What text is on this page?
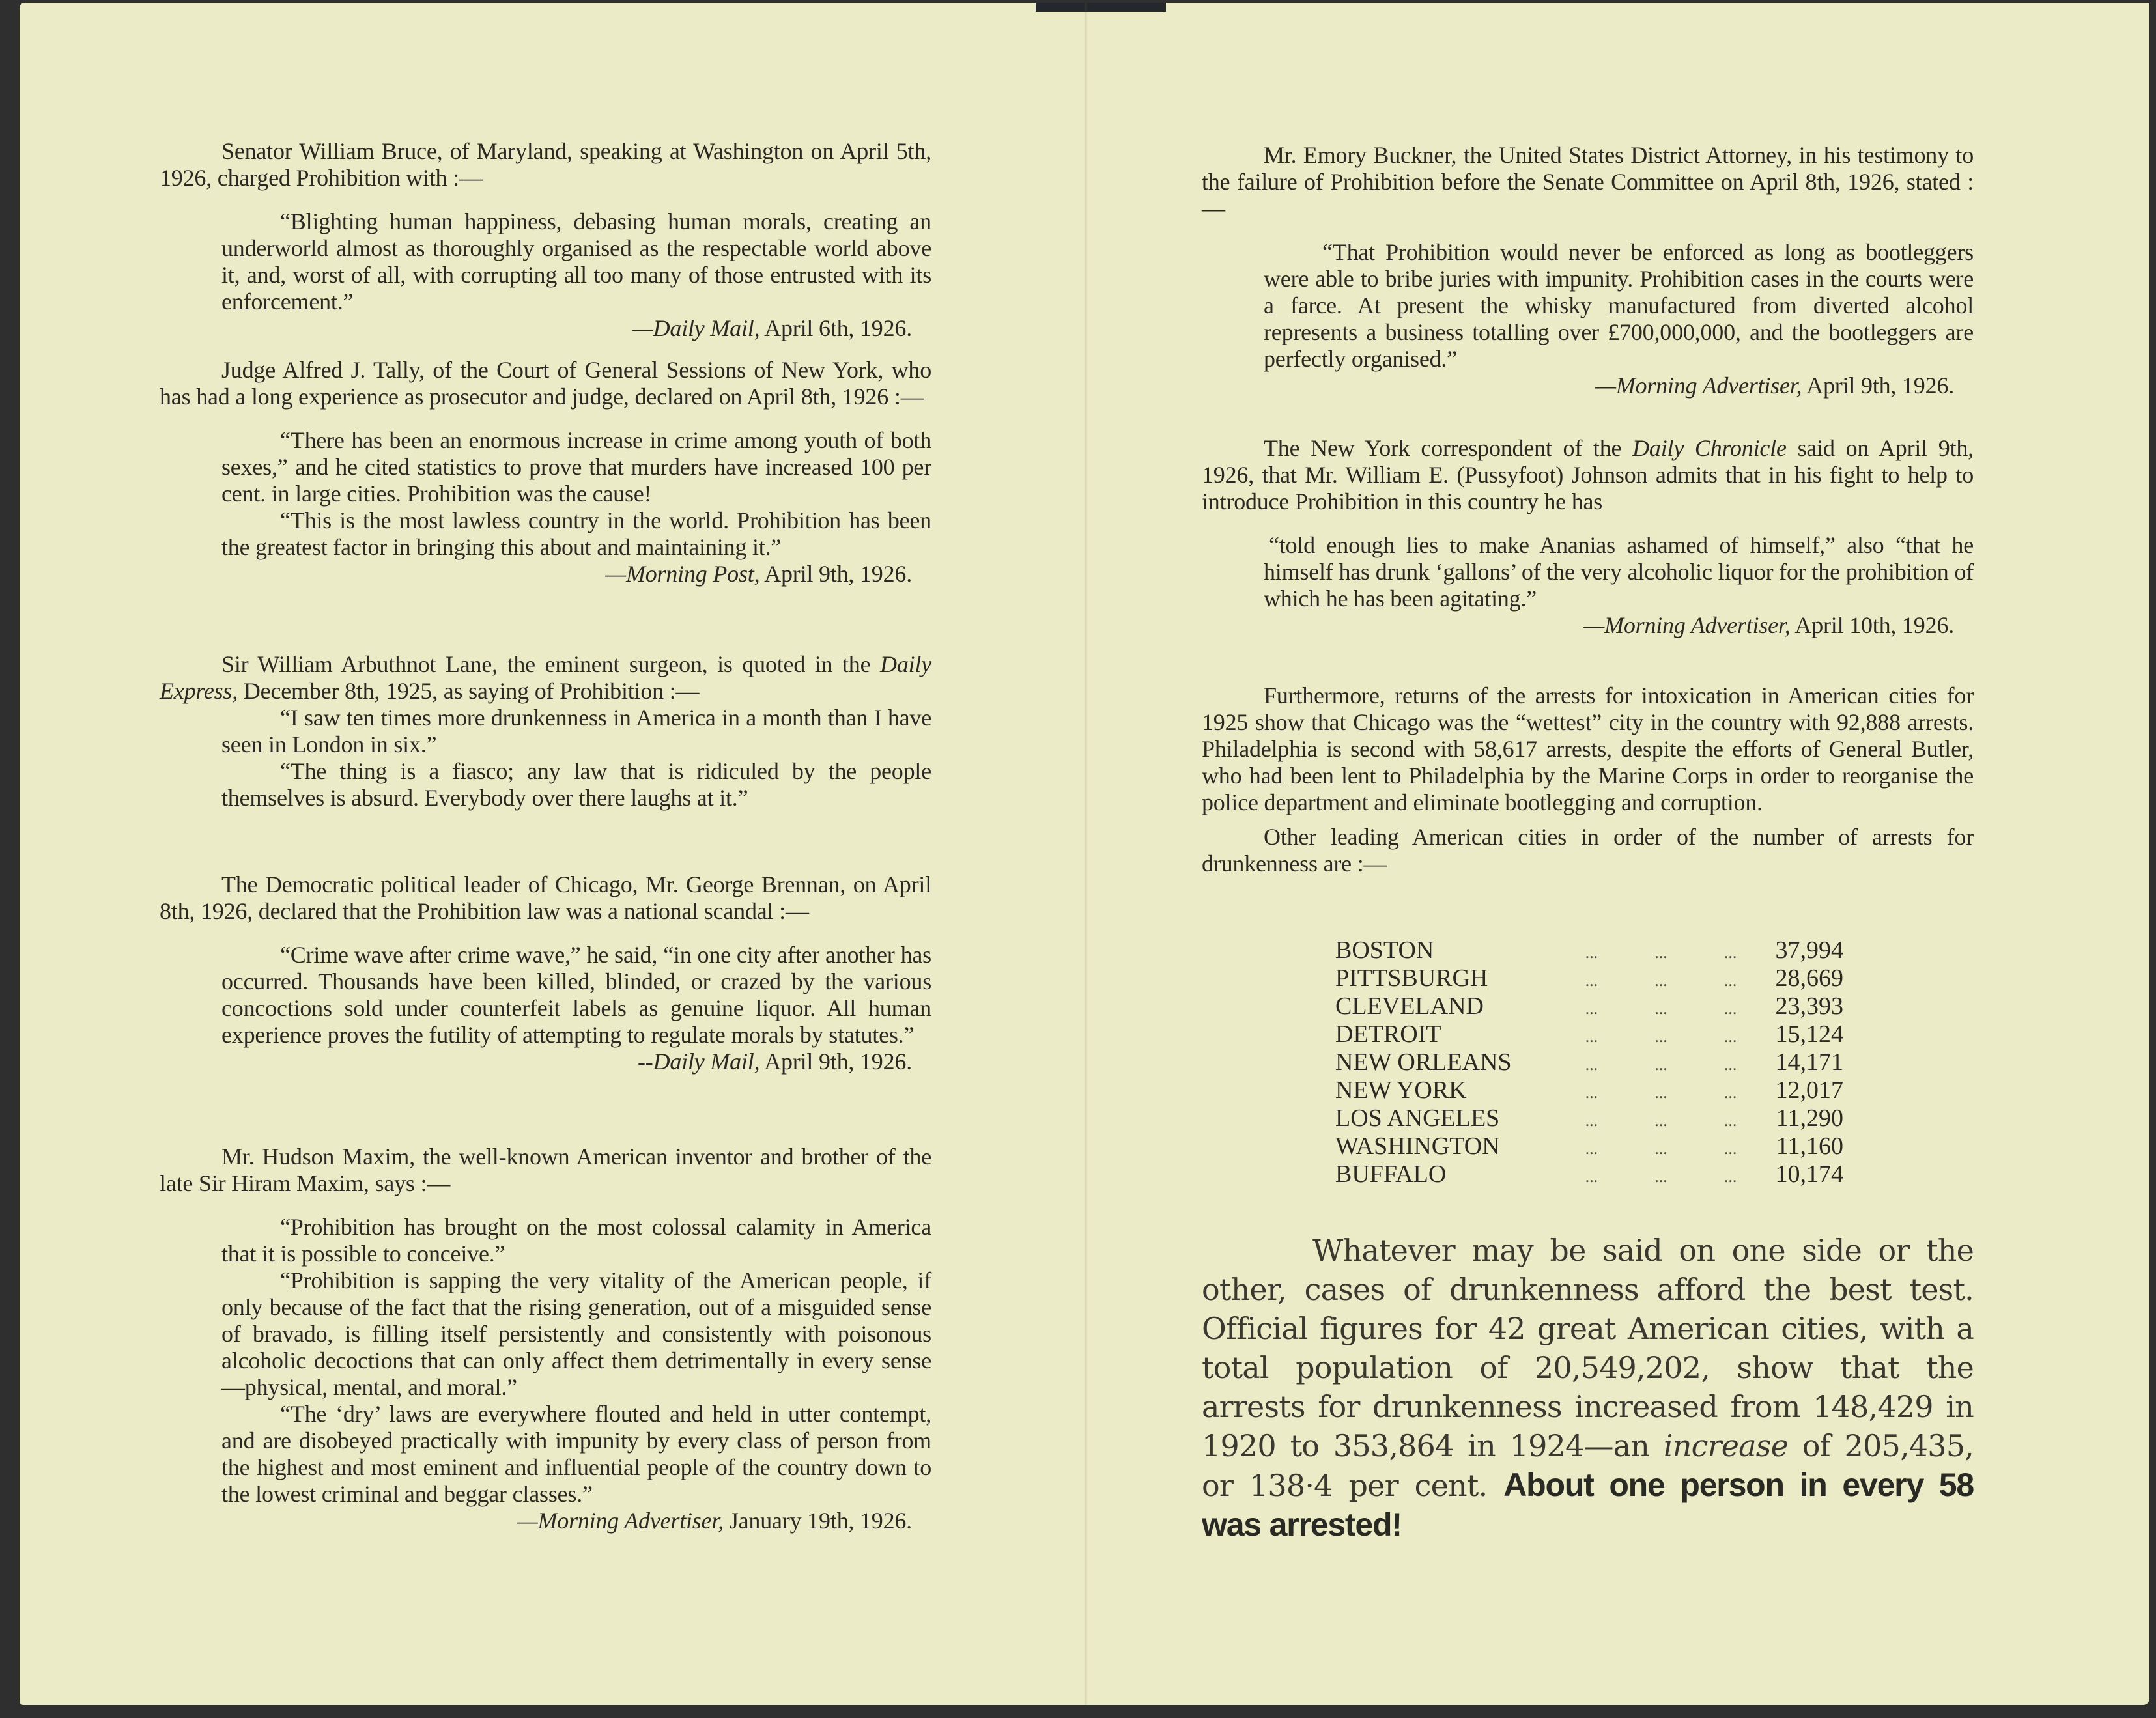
Senator William Bruce, of Maryland, speaking at Washington on April 5th, 1926, charged Prohibition with :—

“Blighting human happiness, debasing human morals, creating an underworld almost as thoroughly organised as the respectable world above it, and, worst of all, with corrupting all too many of those entrusted with its enforcement.”

—Daily Mail, April 6th, 1926.

Judge Alfred J. Tally, of the Court of General Sessions of New York, who has had a long experience as prosecutor and judge, declared on April 8th, 1926 :—

“There has been an enormous increase in crime among youth of both sexes,” and he cited statistics to prove that murders have increased 100 per cent. in large cities. Prohibition was the cause!

“This is the most lawless country in the world. Prohibition has been the greatest factor in bringing this about and maintaining it.”

—Morning Post, April 9th, 1926.

Sir William Arbuthnot Lane, the eminent surgeon, is quoted in the Daily Express, December 8th, 1925, as saying of Prohibition :—

“I saw ten times more drunkenness in America in a month than I have seen in London in six.”

“The thing is a fiasco; any law that is ridiculed by the people themselves is absurd. Everybody over there laughs at it.”

The Democratic political leader of Chicago, Mr. George Brennan, on April 8th, 1926, declared that the Prohibition law was a national scandal :—

“Crime wave after crime wave,” he said, “in one city after another has occurred. Thousands have been killed, blinded, or crazed by the various concoctions sold under counterfeit labels as genuine liquor. All human experience proves the futility of attempting to regulate morals by statutes.”

--Daily Mail, April 9th, 1926.

Mr. Hudson Maxim, the well-known American inventor and brother of the late Sir Hiram Maxim, says :—

“Prohibition has brought on the most colossal calamity in America that it is possible to conceive.”

“Prohibition is sapping the very vitality of the American people, if only because of the fact that the rising generation, out of a misguided sense of bravado, is filling itself persistently and consistently with poisonous alcoholic decoctions that can only affect them detrimentally in every sense—physical, mental, and moral.”

“The ‘dry’ laws are everywhere flouted and held in utter contempt, and are disobeyed practically with impunity by every class of person from the highest and most eminent and influential people of the country down to the lowest criminal and beggar classes.”

—Morning Advertiser, January 19th, 1926.

Mr. Emory Buckner, the United States District Attorney, in his testimony to the failure of Prohibition before the Senate Committee on April 8th, 1926, stated :—

“That Prohibition would never be enforced as long as bootleggers were able to bribe juries with impunity. Prohibition cases in the courts were a farce. At present the whisky manufactured from diverted alcohol represents a business totalling over £700,000,000, and the bootleggers are perfectly organised.”

—Morning Advertiser, April 9th, 1926.

The New York correspondent of the Daily Chronicle said on April 9th, 1926, that Mr. William E. (Pussyfoot) Johnson admits that in his fight to help to introduce Prohibition in this country he has

“told enough lies to make Ananias ashamed of himself,” also “that he himself has drunk ‘gallons’ of the very alcoholic liquor for the prohibition of which he has been agitating.”

—Morning Advertiser, April 10th, 1926.

Furthermore, returns of the arrests for intoxication in American cities for 1925 show that Chicago was the “wettest” city in the country with 92,888 arrests. Philadelphia is second with 58,617 arrests, despite the efforts of General Butler, who had been lent to Philadelphia by the Marine Corps in order to reorganise the police department and eliminate bootlegging and corruption.

Other leading American cities in order of the number of arrests for drunkenness are :—

Whatever may be said on one side or the other, cases of drunkenness afford the best test. Official figures for 42 great American cities, with a total population of 20,549,202, show that the arrests for drunkenness increased from 148,429 in 1920 to 353,864 in 1924—an increase of 205,435, or 138·4 per cent. About one person in every 58 was arrested!

BOSTON	...	...	...	37,994
PITTSBURGH	...	...	...	28,669
CLEVELAND	...	...	...	23,393
DETROIT	...	...	...	15,124
NEW ORLEANS	...	...	...	14,171
NEW YORK	...	...	...	12,017
LOS ANGELES	...	...	...	11,290
WASHINGTON	...	...	...	11,160
BUFFALO	...	...	...	10,174
